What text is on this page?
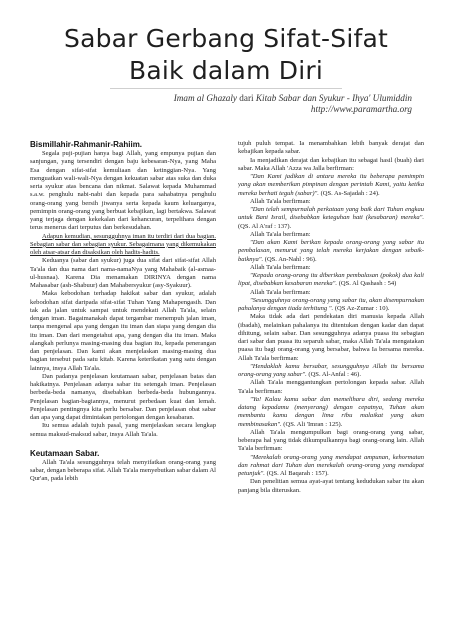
Sabar Gerbang Sifat-Sifat
Baik dalam Diri
Imam al Ghazaly dari Kitab Sabar dan Syukur - Ihya' Ulumiddin
http://www.paramartha.org

Bismillahir-Rahmanir-Rahiim.

Segala puji-pujian hanya bagi Allah, yang empunya pujian dan sanjungan, yang tersendiri dengan baju kebesaran-Nya, yang Maha Esa dengan sifat-sifat kemuliaan dan ketinggian-Nya. Yang menguatkan wali-wali-Nya dengan kekuatan sabar atas suka dan duka serta syukur atas bencana dan nikmat. Salawat kepada Muhammad s.a.w. penghulu nabi-nabi dan kepada para sahabatnya penghulu orang-orang yang bersih jiwanya serta kepada kaum keluarganya, pemimpin orang-orang yang berbuat kebajikan, lagi bertakwa. Salawat yang terjaga dengan kekekalan dari kehancuran, terpelihara dengan terus menerus dari terputus dan berkesudahan.

Adapun kemudian, sesungguhnya iman itu terdiri dari dua bagian. Sebagian sabar dan sebagian syukur. Sebagaimana yang dikemukakan oleh atsar-atsar dan disaksikan oleh hadits-hadits.

Keduanya (sabar dan syukur) juga dua sifat dari sifat-sifat Allah Ta'ala dan dua nama dari nama-namaNya yang Mahabaik (al-asmaa-ul-husnaa). Karena Dia menamakan DIRINYA dengan nama Mahasabar (ash-Shabuur) dan Mahabersyukur (asy-Syakuur).

Maka kebodohan terhadap hakikat sabar dan syukur, adalah kebodohan sifat daripada sifat-sifat Tuhan Yang Mahapengasih. Dan tak ada jalan untuk sampai untuk mendekati Allah Ta'ala, selain dengan iman. Bagaimanakah dapat tergambar menempuh jalan iman, tanpa mengenal apa yang dengan itu iman dan siapa yang dengan dia itu iman. Dan dari mengetahui apa, yang dengan dia itu iman. Maka alangkah perlunya masing-masing dua bagian itu, kepada penerangan dan penjelasan. Dan kami akan menjelaskan masing-masing dua bagian tersebut pada satu kitab. Karena keterikatan yang satu dengan lainnya, insya Allah Ta'ala.

Dan padanya penjelasan keutamaan sabar, penjelasan batas dan hakikatnya. Penjelasan adanya sabar itu setengah iman. Penjelasan berbeda-beda namanya, disebabkan berbeda-beda hubungannya. Penjelasan bagian-bagiannya, menurut perbedaan kuat dan lemah. Penjelasan pentingnya kita perlu bersabar. Dan penjelasan obat sabar dan apa yang dapat dimintakan pertolongan dengan kesabaran.

Itu semua adalah tujuh pasal, yang menjelaskan secara lengkap semua maksud-maksud sabar, insya Allah Ta'ala.

Keutamaan Sabar.

Allah Ta'ala sesungguhnya telah menyifatkan orang-orang yang sabar, dengan beberapa sifat. Allah Ta'ala menyebutkan sabar dalam Al Qur'an, pada lebih

tujuh puluh tempat. Ia menambahkan lebih banyak derajat dan kebajikan kepada sabar.

Ia menjadikan derajat dan kebajikan itu sebagai hasil (buah) dari sabar. Maka Allah 'Azza wa Jalla berfirman:

"Dan Kami jadikan di antara mereka itu beberapa pemimpin yang akan memberikan pimpinan dengan perintah Kami, yaitu ketika mereka berhati teguh (sabar)". (QS. As-Sajadah : 24).

Allah Ta'ala berfirman:

"Dan telah sempurnalah perkataan yang baik dari Tuhan engkau untuk Bani Israil, disebabkan keteguhan hati (kesabaran) mereka". (QS. Al A'raf : 137).

Allah Ta'ala berfirman:

"Dan akan Kami berikan kepada orang-orang yang sabar itu pembalasan, menurut yang telah mereka kerjakan dengan sebaik-baiknya". (QS. An-Nahl : 96).

Allah Ta'ala berfirman:

"Kepada orang-orang itu diberikan pembalasan (pokok) dua kali lipat, disebabkan kesabaran mereka". (QS. Al Qashash : 54)

Allah Ta'ala berfirman:

"Sesungguhnya orang-orang yang sabar itu, akan disempurnakan pahalanya dengan tiada terhitung ". (QS Az-Zumar : 10).

Maka tidak ada dari pendekatan diri manusia kepada Allah (ibadah), melainkan pahalanya itu ditentukan dengan kadar dan dapat dihitung, selain sabar. Dan sesungguhnya adanya puasa itu sebagian dari sabar dan puasa itu separuh sabar, maka Allah Ta'ala mengatakan puasa itu bagi orang-orang yang bersabar, bahwa Ia bersama mereka. Allah Ta'ala berfirman:

"Hendaklah kamu bersabar, sesungguhnya Allah itu bersama orang-orang yang sabar". (QS. Al-Anfal : 46).

Allah Ta'ala menggantungkan pertolongan kepada sabar. Allah Ta'ala berfirman:

"Ya! Kalau kamu sabar dan memelihara diri, sedang mereka datang kepadamu (menyerang) dengan cepatnya, Tuhan akan membantu kamu dengan lima ribu malaikat yang akan membinasakan". (QS. Ali 'Imran : 125).

Allah Ta'ala mengumpulkan bagi orang-orang yang sabar, beberapa hal yang tidak dikumpulkannya bagi orang-orang lain. Allah Ta'ala berfirman:

"Merekalah orang-orang yang mendapat ampunan, kehormatan dan rahmat dari Tuhan dan merekalah orang-orang yang mendapat petunjuk". (QS. Al Baqarah : 157).

Dan penelitian semua ayat-ayat tentang kedudukan sabar itu akan panjang bila diteruskan.
